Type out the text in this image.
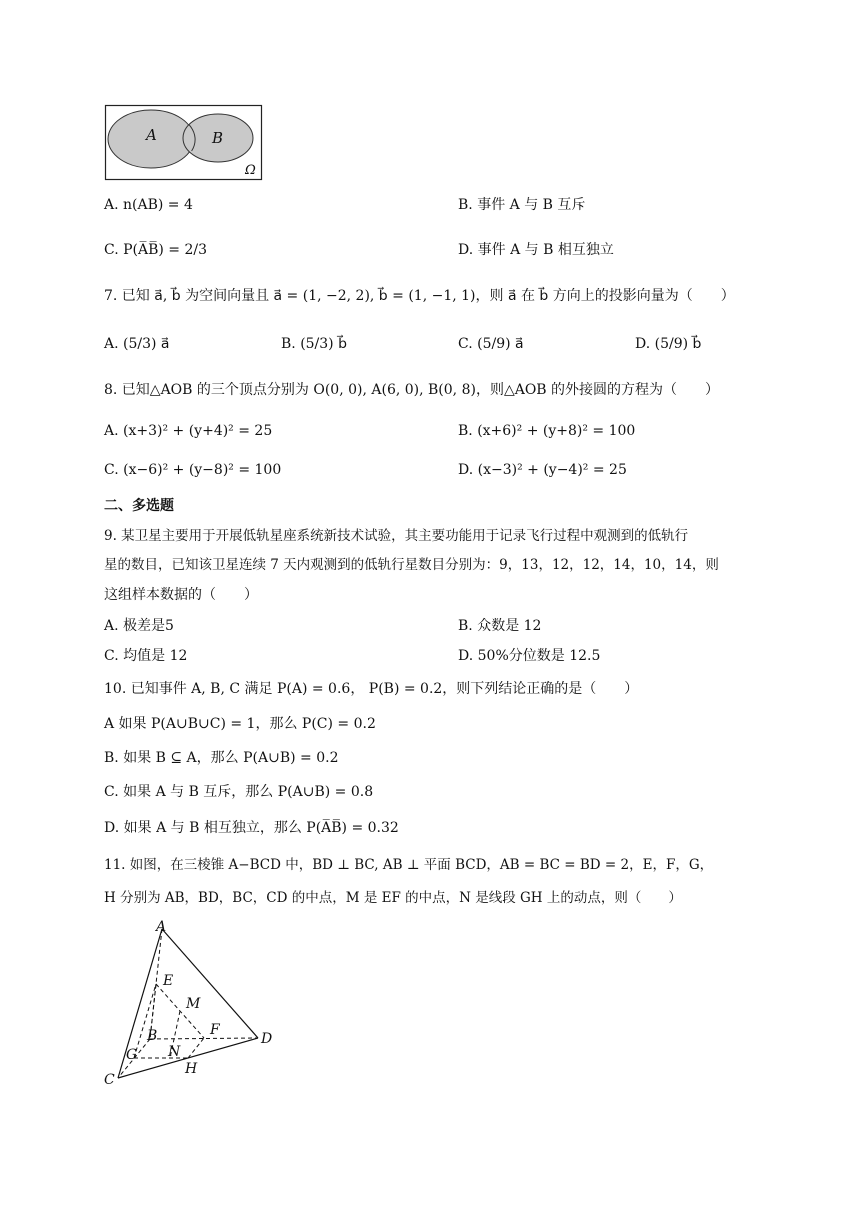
A	B
Ω
A. n(AB) = 4	B. 事件 A 与 B 互斥
C. P(A̅B̅) = 2/3	D. 事件 A 与 B 相互独立
7. 已知 a⃗, b⃗ 为空间向量且 a⃗ = (1, −2, 2), b⃗ = (1, −1, 1)，则 a⃗ 在 b⃗ 方向上的投影向量为（　　）
A. (5/3) a⃗	B. (5/3) b⃗	C. (5/9) a⃗	D. (5/9) b⃗
8. 已知△AOB 的三个顶点分别为 O(0, 0), A(6, 0), B(0, 8)，则△AOB 的外接圆的方程为（　　）
A. (x+3)² + (y+4)² = 25	B. (x+6)² + (y+8)² = 100
C. (x−6)² + (y−8)² = 100	D. (x−3)² + (y−4)² = 25
二、多选题
9. 某卫星主要用于开展低轨星座系统新技术试验，其主要功能用于记录飞行过程中观测到的低轨行
星的数目，已知该卫星连续 7 天内观测到的低轨行星数目分别为：9，13，12，12，14，10，14，则
这组样本数据的（　　）
A. 极差是5	B. 众数是 12
C. 均值是 12	D. 50%分位数是 12.5
10. 已知事件 A, B, C 满足 P(A) = 0.6， P(B) = 0.2，则下列结论正确的是（　　）
A 如果 P(A∪B∪C) = 1，那么 P(C) = 0.2
B. 如果 B ⊆ A，那么 P(A∪B) = 0.2
C. 如果 A 与 B 互斥，那么 P(A∪B) = 0.8
D. 如果 A 与 B 相互独立，那么 P(A̅B̅) = 0.32
11. 如图，在三棱锥 A−BCD 中，BD ⊥ BC, AB ⊥ 平面 BCD，AB = BC = BD = 2，E，F，G，
H 分别为 AB，BD，BC，CD 的中点，M 是 EF 的中点，N 是线段 GH 上的动点，则（　　）
A
E
M
F
B	D
G N
H
C
